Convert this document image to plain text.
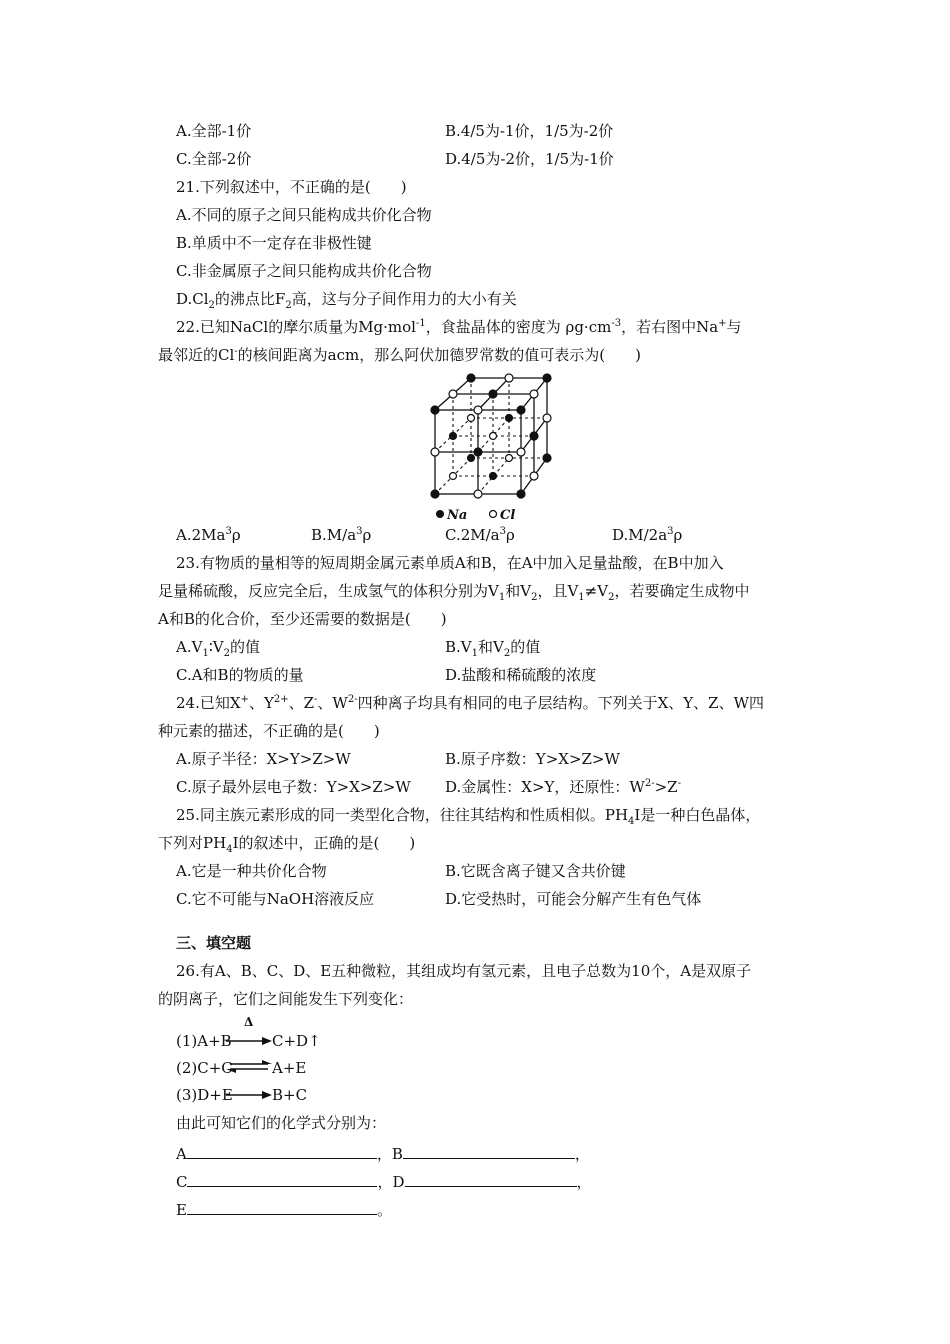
A.全部-1价	B.4/5为-1价，1/5为-2价
C.全部-2价	D.4/5为-2价，1/5为-1价
21.下列叙述中，不正确的是(　　)
A.不同的原子之间只能构成共价化合物
B.单质中不一定存在非极性键
C.非金属原子之间只能构成共价化合物
$D.Cl_2$的沸点比$F_2$高，这与分子间作用力的大小有关
22.已知NaCl的摩尔质量为Mg·mol$^{-1}$，食盐晶体的密度为 $\rho g\cdot cm^{-3}$，若右图中Na+与
最邻近的Cl-的核间距离为acm，那么阿伏加德罗常数的值可表示为(　　)
Na	Cl
A.2Ma$^3$ρ	$B.M/a^3\rho$	$C.2M/a^3\rho$	$D.M/2a^3\rho$
23.有物质的量相等的短周期金属元素单质A和B，在A中加入足量盐酸，在B中加入
足量稀硫酸，反应完全后，生成氢气的体积分别为$V_1$和$V_2$，且$V_1\ne V_2$，若要确定生成物中
A和B的化合价，至少还需要的数据是(　　)
$A.V_1∶V_2$的值	$B.V_1$和$V_2$的值
C.A和B的物质的量	D.盐酸和稀硫酸的浓度
24.已知X+、$Y^{2+}$、Z-、$W^{2-}$四种离子均具有相同的电子层结构。下列关于X、Y、Z、W四
种元素的描述，不正确的是(　　)
A.原子半径：X>Y>Z>W	B.原子序数：Y>X>Z>W
C.原子最外层电子数：Y>X>Z>W D.金属性：X>Y，还原性：$W^{2-}>Z^-$
25.同主族元素形成的同一类型化合物，往往其结构和性质相似。$PH_4I$是一种白色晶体，
下列对$PH_4I$的叙述中，正确的是(　　)
A.它是一种共价化合物	B.它既含离子键又含共价键
C.它不可能与NaOH溶液反应	D.它受热时，可能会分解产生有色气体
三、填空题
26.有A、B、C、D、E五种微粒，其组成均有氢元素，且电子总数为10个，A是双原子
的阴离子，它们之间能发生下列变化：
(1)A+B
Δ
→ C+D↑
(2)C+C	A+E
(3)D+E → B+C
由此可知它们的化学式分别为：
A	，B	，
C	，D	，
E	。
